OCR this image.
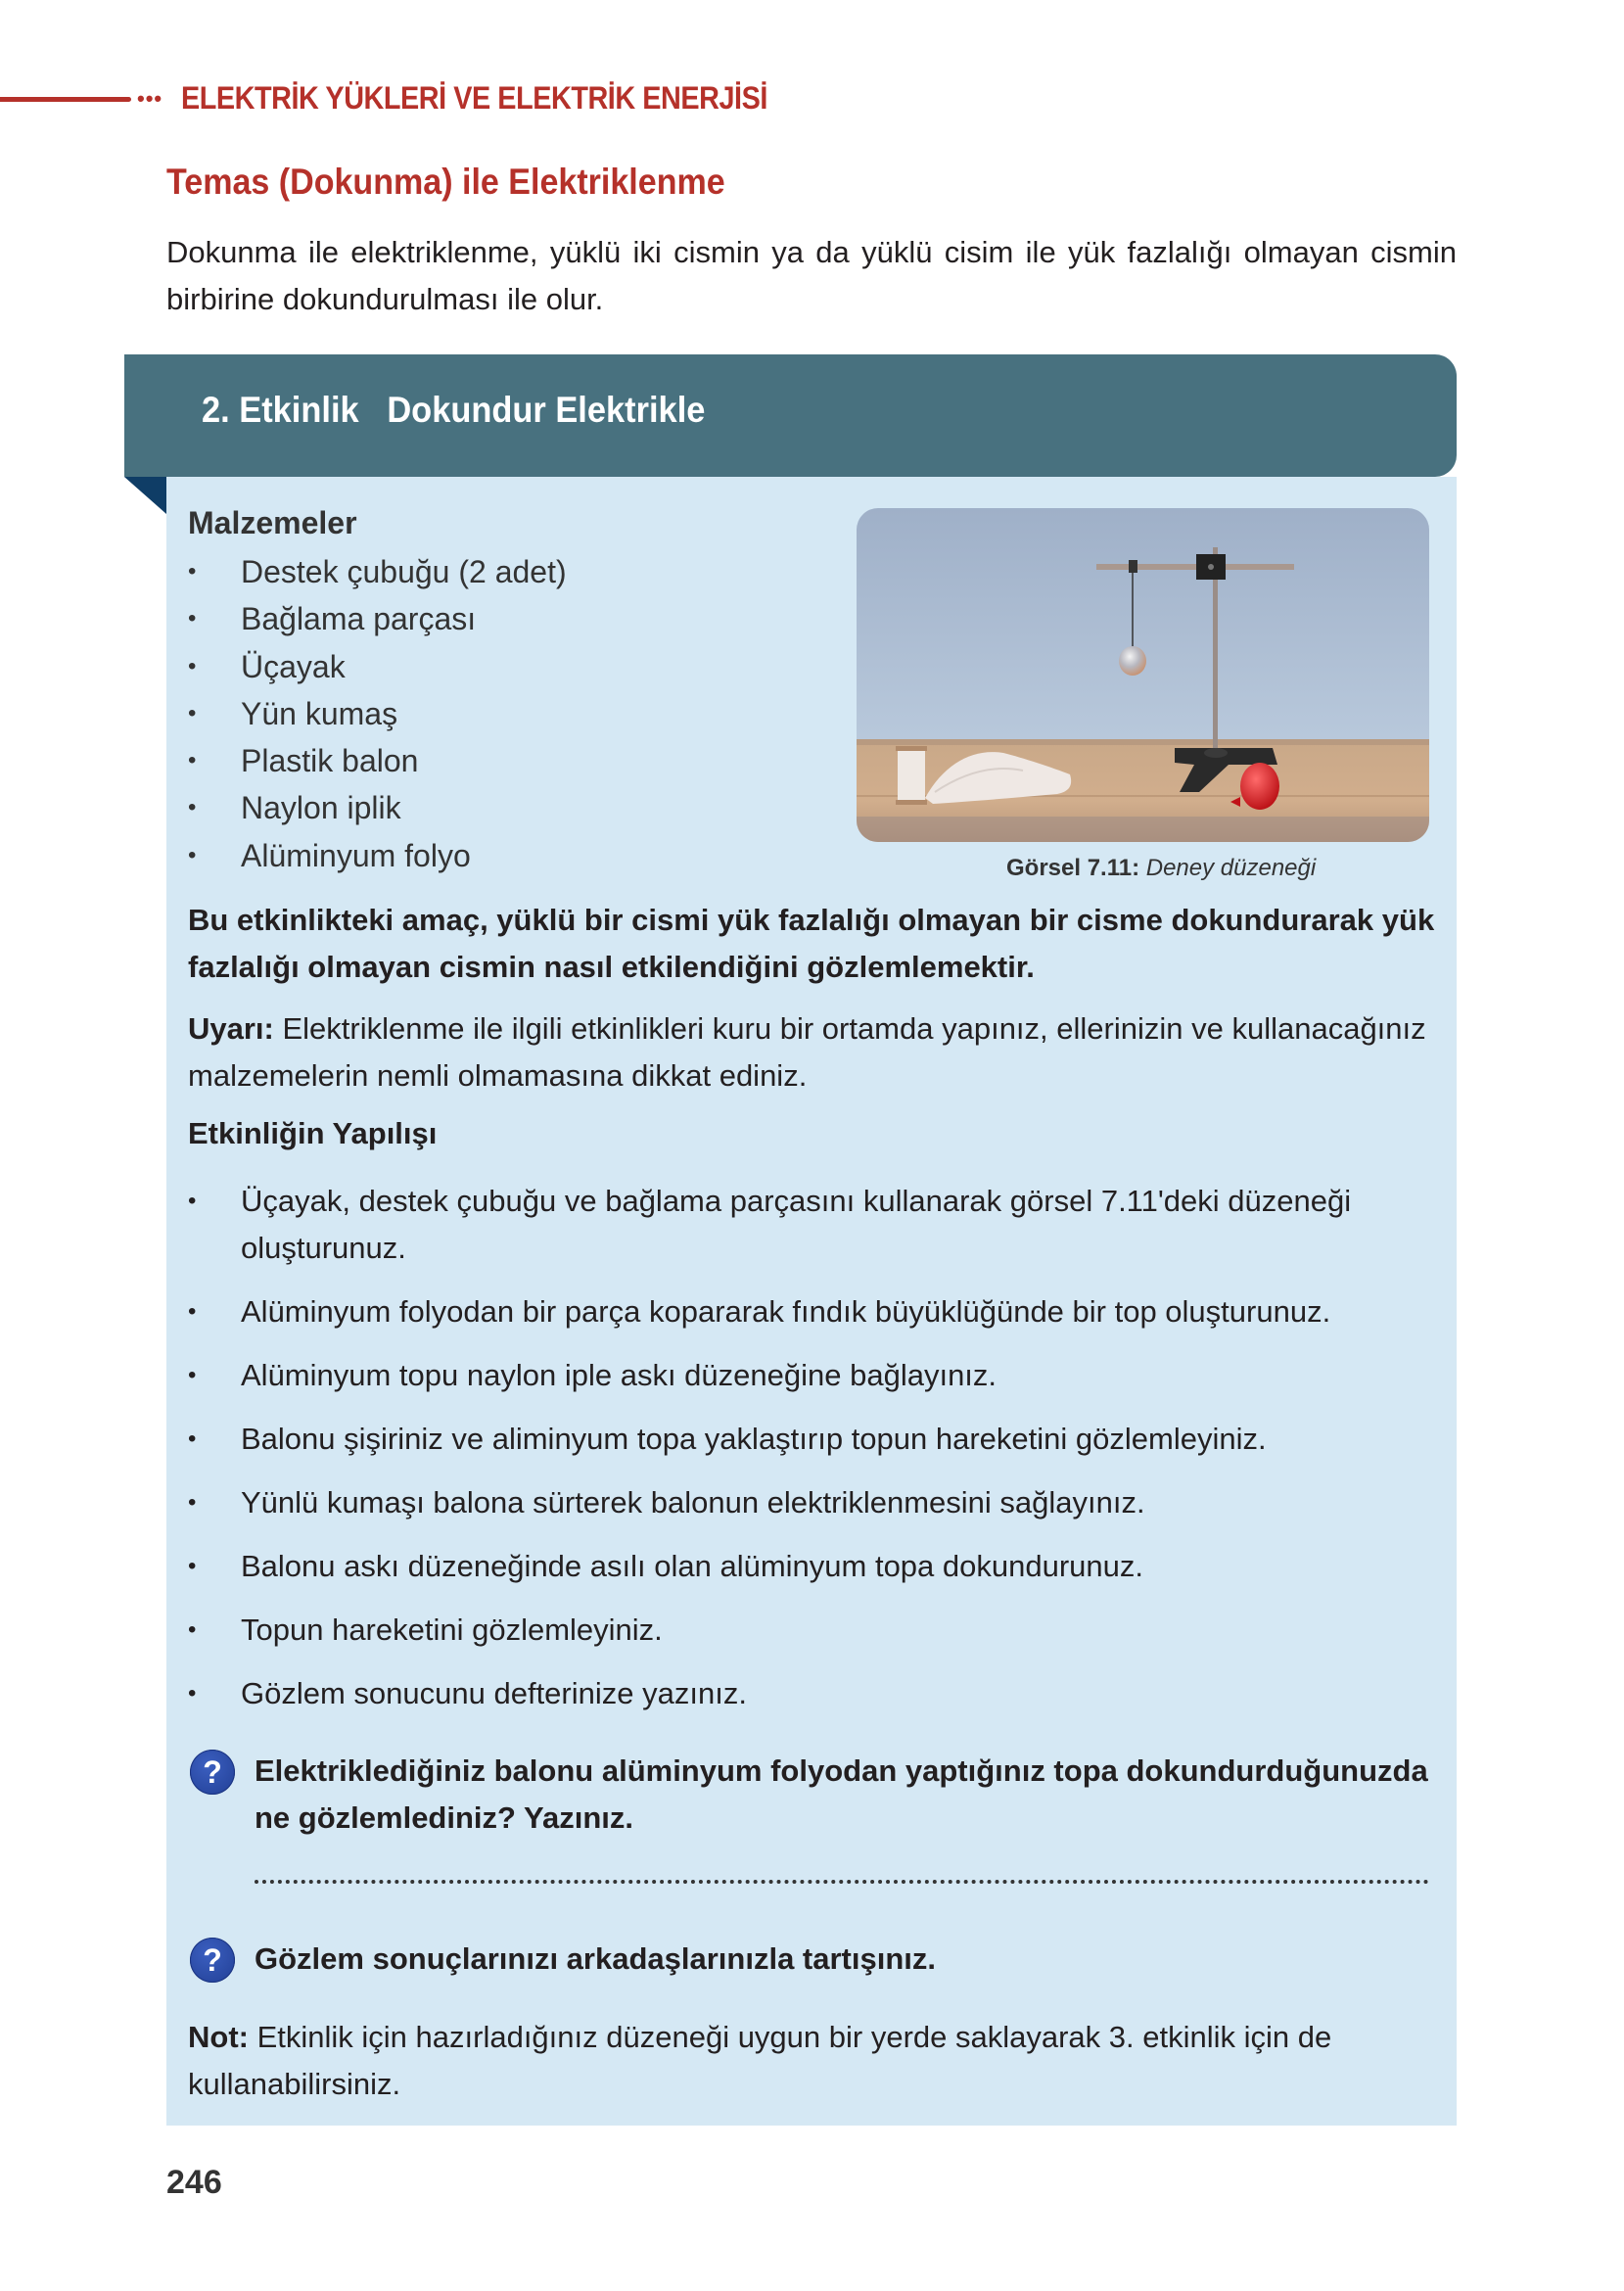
••• ELEKTRİK YÜKLERİ VE ELEKTRİK ENERJİSİ
Temas (Dokunma) ile Elektriklenme
Dokunma ile elektriklenme, yüklü iki cismin ya da yüklü cisim ile yük fazlalığı olmayan cismin birbirine dokundurulması ile olur.
2. Etkinlik   Dokundur Elektrikle
Malzemeler
•	Destek çubuğu (2 adet)
•	Bağlama parçası
•	Üçayak
•	Yün kumaş
•	Plastik balon
•	Naylon iplik
•	Alüminyum folyo	Görsel 7.11: Deney düzeneği
Bu etkinlikteki amaç, yüklü bir cismi yük fazlalığı olmayan bir cisme dokundurarak yük fazlalığı olmayan cismin nasıl etkilendiğini gözlemlemektir.
Uyarı: Elektriklenme ile ilgili etkinlikleri kuru bir ortamda yapınız, ellerinizin ve kullanacağınız malzemelerin nemli olmamasına dikkat ediniz.
Etkinliğin Yapılışı
•	Üçayak, destek çubuğu ve bağlama parçasını kullanarak görsel 7.11'deki düzeneği oluşturunuz.
•	Alüminyum folyodan bir parça kopararak fındık büyüklüğünde bir top oluşturunuz.
•	Alüminyum topu naylon iple askı düzeneğine bağlayınız.
•	Balonu şişiriniz ve aliminyum topa yaklaştırıp topun hareketini gözlemleyiniz.
•	Yünlü kumaşı balona sürterek balonun elektriklenmesini sağlayınız.
•	Balonu askı düzeneğinde asılı olan alüminyum topa dokundurunuz.
•	Topun hareketini gözlemleyiniz.
•	Gözlem sonucunu defterinize yazınız.
?	Elektriklediğiniz balonu alüminyum folyodan yaptığınız topa dokundurduğunuzda ne gözlemlediniz? Yazınız.
?	Gözlem sonuçlarınızı arkadaşlarınızla tartışınız.
Not: Etkinlik için hazırladığınız düzeneği uygun bir yerde saklayarak 3. etkinlik için de kullanabilirsiniz.
246
